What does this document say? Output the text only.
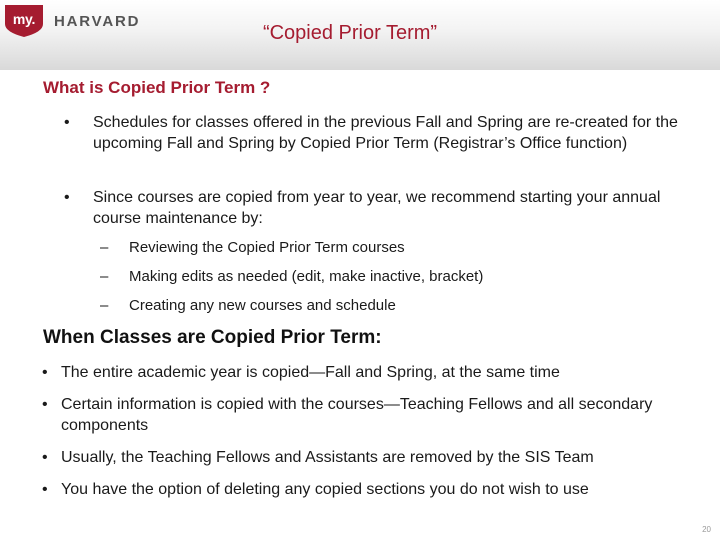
my.	HARVARD
“Copied Prior Term”
What is Copied Prior Term ?
• Schedules for classes offered in the previous Fall and Spring are re-created for the upcoming Fall and Spring by Copied Prior Term (Registrar’s Office function)
• Since courses are copied from year to year, we recommend starting your annual course maintenance by:
– Reviewing the Copied Prior Term courses
– Making edits as needed (edit, make inactive, bracket)
– Creating any new courses and schedule
When Classes are Copied Prior Term:
• The entire academic year is copied—Fall and Spring, at the same time
• Certain information is copied with the courses—Teaching Fellows and all secondary components
• Usually, the Teaching Fellows and Assistants are removed by the SIS Team
• You have the option of deleting any copied sections you do not wish to use
20
